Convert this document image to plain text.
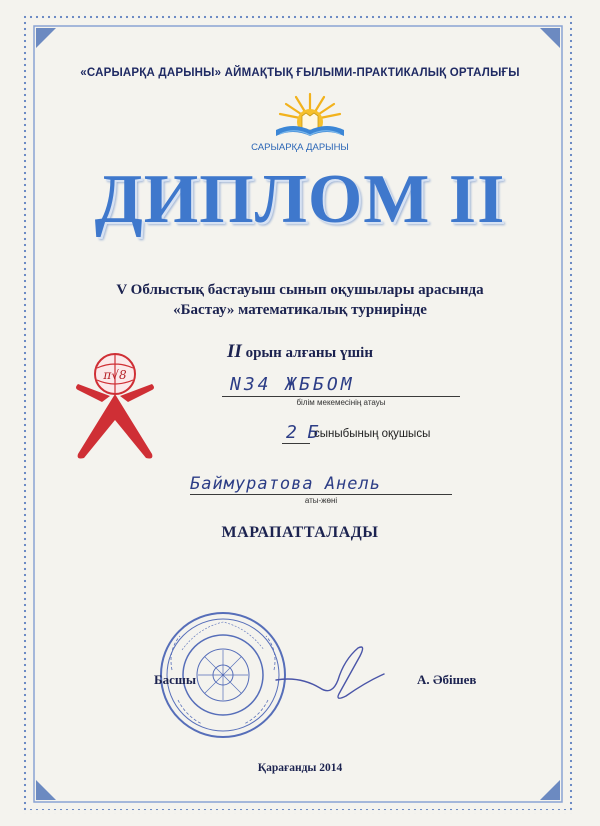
«САРЫАРҚА ДАРЫНЫ» АЙМАҚТЫҚ ҒЫЛЫМИ-ПРАКТИКАЛЫҚ ОРТАЛЫҒЫ
САРЫАРҚА ДАРЫНЫ
ДИПЛОМ II
V Облыстық бастауыш сынып оқушылары арасында
«Бастау» математикалық турнирінде
II орын алғаны үшін
π√8	N34 ЖББОМ
білім мекемесінің атауы
2 Б
сыныбының оқушысы
Баймуратова Анель
аты-жөні
МАРАПАТТАЛАДЫ
Басшы	А. Әбішев
Қарағанды 2014
